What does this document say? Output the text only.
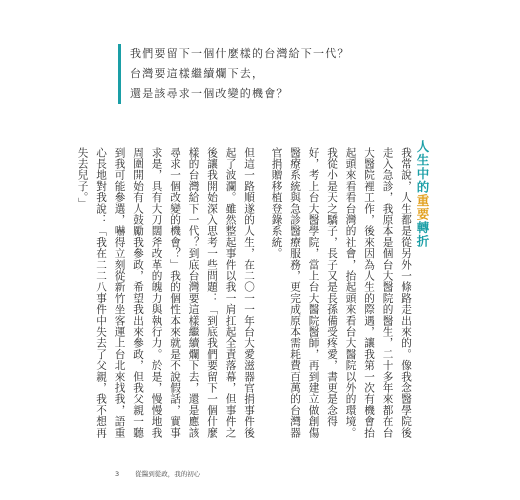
我們要留下一個什麼樣的台灣給下一代？
台灣要這樣繼續爛下去，
還是該尋求一個改變的機會？
人生中的重要轉折

我常說，人生都是從另外一條路走出來的。像我念醫學院後走入急診，我原本是個台大醫院的醫生，二十多年來都在台大醫院裡工作，後來因為人生的際遇，讓我第一次有機會抬起頭來看看台灣的社會，抬起頭來看台大醫院以外的環境。

我從小是天之驕子，長子又是長孫備受疼愛，書更是念得好，考上台大醫學院，當上台大醫院醫師，再到建立做創傷醫療系統與急診醫療服務，更完成原本需耗費百萬的台灣器官捐贈移植登錄系統。

但這一路順遂的人生，在二〇一一年台大愛滋器官捐事件後起了波瀾。雖然整起事件以我一肩扛起全責落幕，但事件之後讓我開始深入思考一些問題：「到底我們要留下一個什麼樣的台灣給下一代？到底台灣要這樣繼續爛下去，還是應該尋求一個改變的機會？」我的個性本來就是不說假話，實事求是，具有大刀闊斧改革的魄力與執行力。於是，慢慢地我周圍開始有人鼓勵我參政，希望我出來參政，但我父親一聽到我可能參選，嚇得立刻從新竹坐客運上台北來找我，語重心長地對我說：「我在二二八事件中失去了父親，我不想再失去兒子。」

3 從醫到從政，我的初心
